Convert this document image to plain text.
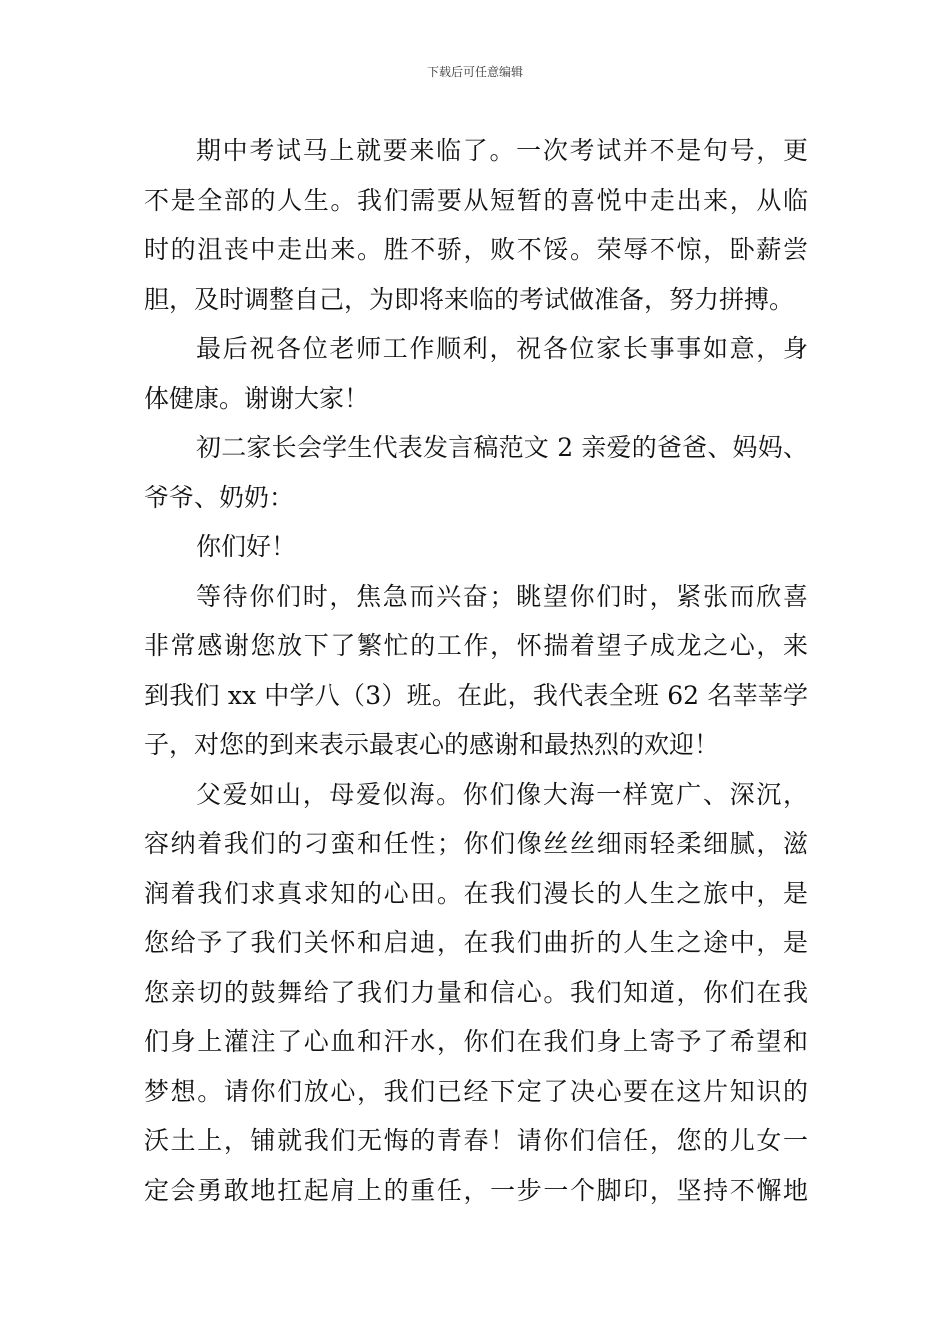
下载后可任意编辑
期中考试马上就要来临了。一次考试并不是句号，更
不是全部的人生。我们需要从短暂的喜悦中走出来，从临
时的沮丧中走出来。胜不骄，败不馁。荣辱不惊，卧薪尝
胆，及时调整自己，为即将来临的考试做准备，努力拼搏。
最后祝各位老师工作顺利，祝各位家长事事如意，身
体健康。谢谢大家！
初二家长会学生代表发言稿范文 2 亲爱的爸爸、妈妈、
爷爷、奶奶：
你们好！
等待你们时，焦急而兴奋；眺望你们时，紧张而欣喜
非常感谢您放下了繁忙的工作，怀揣着望子成龙之心，来
到我们 xx 中学八（3）班。在此，我代表全班 62 名莘莘学
子，对您的到来表示最衷心的感谢和最热烈的欢迎！
父爱如山，母爱似海。你们像大海一样宽广、深沉，
容纳着我们的刁蛮和任性；你们像丝丝细雨轻柔细腻，滋
润着我们求真求知的心田。在我们漫长的人生之旅中，是
您给予了我们关怀和启迪，在我们曲折的人生之途中，是
您亲切的鼓舞给了我们力量和信心。我们知道，你们在我
们身上灌注了心血和汗水，你们在我们身上寄予了希望和
梦想。请你们放心，我们已经下定了决心要在这片知识的
沃土上，铺就我们无悔的青春！请你们信任，您的儿女一
定会勇敢地扛起肩上的重任，一步一个脚印，坚持不懈地
